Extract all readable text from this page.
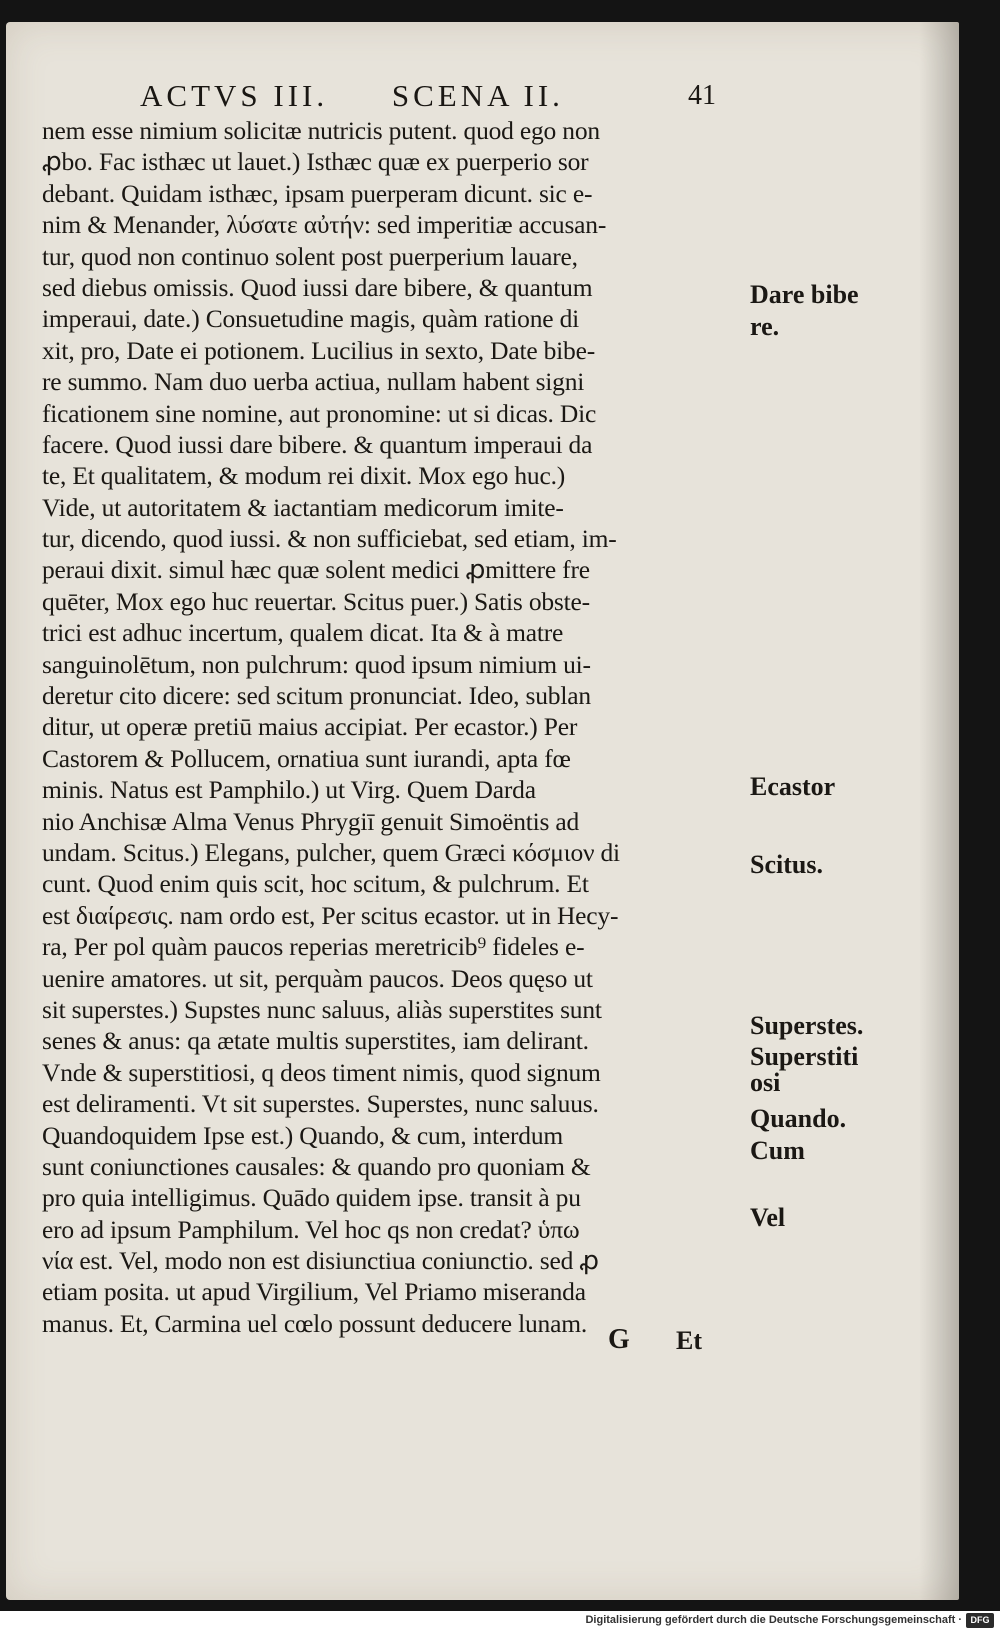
ACTVS III. SCENA II.	41
nem esse nimium solicitæ nutricis putent. quod ego non
ꝓbo. Fac isthæc ut lauet.) Isthæc quæ ex puerperio sor
debant. Quidam isthæc, ipsam puerperam dicunt. sic e-
nim & Menander, λύσατε αὐτήν: sed imperitiæ accusan-
tur, quod non continuo solent post puerperium lauare,
sed diebus omissis. Quod iussi dare bibere, & quantum
imperaui, date.) Consuetudine magis, quàm ratione di
xit, pro, Date ei potionem. Lucilius in sexto, Date bibe-
re summo. Nam duo uerba actiua, nullam habent signi
ficationem sine nomine, aut pronomine: ut si dicas. Dic
facere. Quod iussi dare bibere. & quantum imperaui da
te, Et qualitatem, & modum rei dixit. Mox ego huc.)
Vide, ut autoritatem & iactantiam medicorum imite-
tur, dicendo, quod iussi. & non sufficiebat, sed etiam, im-
peraui dixit. simul hæc quæ solent medici ꝓmittere fre
quēter, Mox ego huc reuertar. Scitus puer.) Satis obste-
trici est adhuc incertum, qualem dicat. Ita & à matre
sanguinolētum, non pulchrum: quod ipsum nimium ui-
deretur cito dicere: sed scitum pronunciat. Ideo, sublan
ditur, ut operæ pretiū maius accipiat. Per ecastor.) Per
Castorem & Pollucem, ornatiua sunt iurandi, apta fœ
minis. Natus est Pamphilo.) ut Virg. Quem Darda
nio Anchisæ Alma Venus Phrygiī genuit Simoëntis ad
undam. Scitus.) Elegans, pulcher, quem Græci κόσμιον di
cunt. Quod enim quis scit, hoc scitum, & pulchrum. Et
est διαίρεσις. nam ordo est, Per scitus ecastor. ut in Hecy-
ra, Per pol quàm paucos reperias meretricib⁹ fideles e-
uenire amatores. ut sit, perquàm paucos. Deos quęso ut
sit superstes.) Supstes nunc saluus, aliàs superstites sunt
senes & anus: qa ætate multis superstites, iam delirant.
Vnde & superstitiosi, q deos timent nimis, quod signum
est deliramenti. Vt sit superstes. Superstes, nunc saluus.
Quandoquidem Ipse est.) Quando, & cum, interdum
sunt coniunctiones causales: & quando pro quoniam &
pro quia intelligimus. Quādo quidem ipse. transit à pu
ero ad ipsum Pamphilum. Vel hoc qs non credat? ὑπω
νία est. Vel, modo non est disiunctiua coniunctio. sed ꝓ
etiam posita. ut apud Virgilium, Vel Priamo miseranda
manus. Et, Carmina uel cœlo possunt deducere lunam.
Dare bibe
re.
Ecastor
Scitus.
Superstes.
Superstiti
osi
Quando.
Cum
Vel
G Et
Digitalisierung gefördert durch die Deutsche Forschungsgemeinschaft · DFG
